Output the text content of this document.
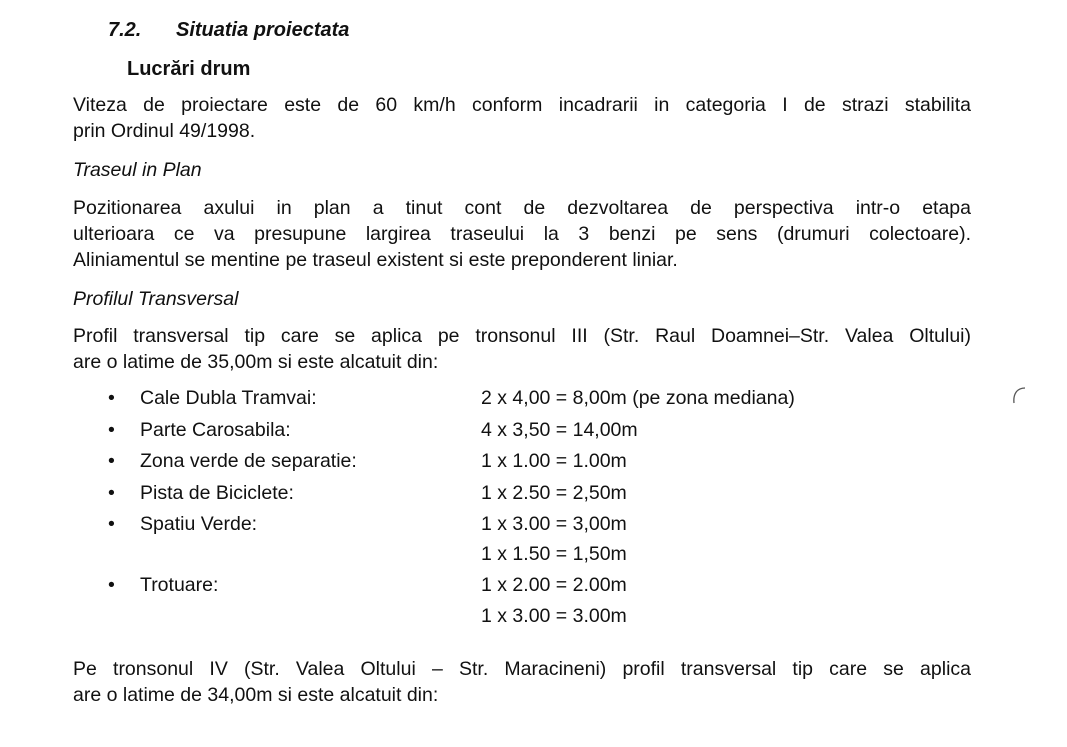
7.2. Situatia proiectata
Lucrări drum
Viteza de proiectare este de 60 km/h conform incadrarii in categoria I de strazi stabilita
prin Ordinul 49/1998.
Traseul in Plan
Pozitionarea axului in plan a tinut cont de dezvoltarea de perspectiva intr-o etapa
ulterioara ce va presupune largirea traseului la 3 benzi pe sens (drumuri colectoare).
Aliniamentul se mentine pe traseul existent si este preponderent liniar.
Profilul Transversal
Profil transversal tip care se aplica pe tronsonul III (Str. Raul Doamnei–Str. Valea Oltului)
are o latime de 35,00m si este alcatuit din:
•	Cale Dubla Tramvai:	2 x 4,00 = 8,00m (pe zona mediana)
•	Parte Carosabila:	4 x 3,50 = 14,00m
•	Zona verde de separatie:	1 x 1.00 = 1.00m
•	Pista de Biciclete:	1 x 2.50 = 2,50m
•	Spatiu Verde:	1 x 3.00 = 3,00m
1 x 1.50 = 1,50m
•	Trotuare:	1 x 2.00 = 2.00m
1 x 3.00 = 3.00m
Pe tronsonul IV (Str. Valea Oltului – Str. Maracineni) profil transversal tip care se aplica
are o latime de 34,00m si este alcatuit din:
